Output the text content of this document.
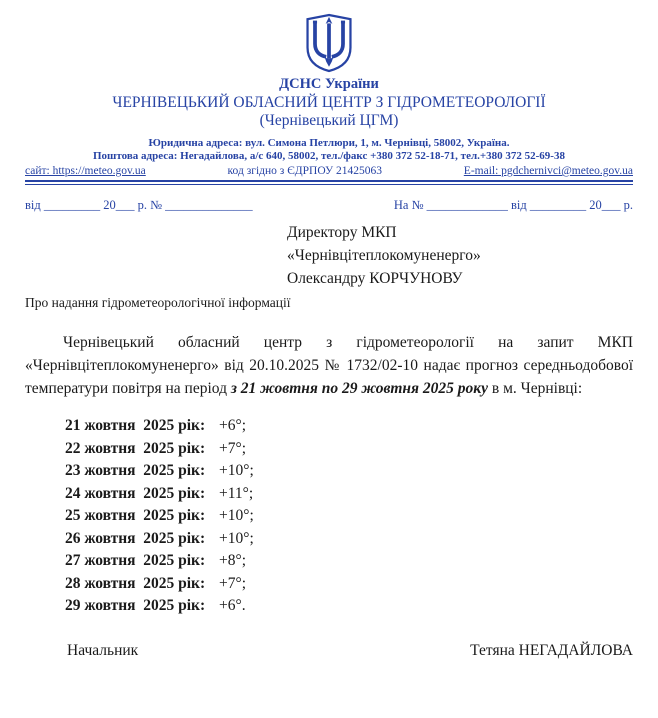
ДСНС України
ЧЕРНІВЕЦЬКИЙ ОБЛАСНИЙ ЦЕНТР З ГІДРОМЕТЕОРОЛОГІЇ
(Чернівецький ЦГМ)
Юридична адреса: вул. Симона Петлюри, 1, м. Чернівці, 58002, Україна.
Поштова адреса: Негадайлова, а/с 640, 58002, тел./факс +380 372 52-18-71, тел.+380 372 52-69-38
сайт: https://meteo.gov.ua	код згідно з ЄДРПОУ 21425063	E-mail: pgdchernivci@meteo.gov.ua
від _________ 20___ р. № ______________	На № _____________ від _________ 20___ р.
Директору МКП
«Чернівцітеплокомуненерго»
Олександру КОРЧУНОВУ
Про надання гідрометеорологічної інформації

Чернівецький обласний центр з гідрометеорології на запит МКП «Чернівцітеплокомуненерго» від 20.10.2025 № 1732/02-10 надає прогноз середньодобової температури повітря на період з 21 жовтня по 29 жовтня 2025 року в м. Чернівці:

21 жовтня  2025 рік: +6°;
22 жовтня  2025 рік: +7°;
23 жовтня  2025 рік: +10°;
24 жовтня  2025 рік: +11°;
25 жовтня  2025 рік: +10°;
26 жовтня  2025 рік: +10°;
27 жовтня  2025 рік: +8°;
28 жовтня  2025 рік: +7°;
29 жовтня  2025 рік: +6°.
Начальник	Тетяна НЕГАДАЙЛОВА
